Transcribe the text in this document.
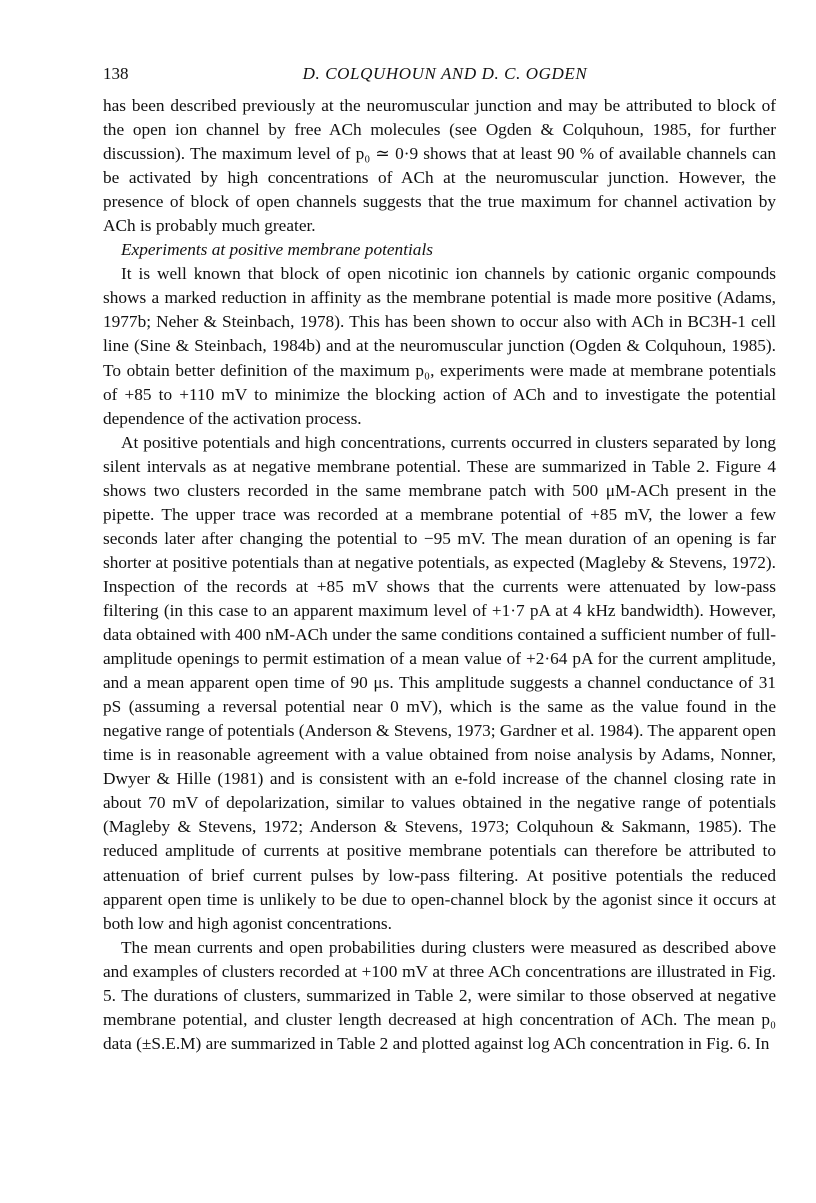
138	D. COLQUHOUN AND D. C. OGDEN

has been described previously at the neuromuscular junction and may be attributed to block of the open ion channel by free ACh molecules (see Ogden & Colquhoun, 1985, for further discussion). The maximum level of p₀ ≃ 0·9 shows that at least 90 % of available channels can be activated by high concentrations of ACh at the neuromuscular junction. However, the presence of block of open channels suggests that the true maximum for channel activation by ACh is probably much greater.

Experiments at positive membrane potentials

It is well known that block of open nicotinic ion channels by cationic organic compounds shows a marked reduction in affinity as the membrane potential is made more positive (Adams, 1977b; Neher & Steinbach, 1978). This has been shown to occur also with ACh in BC3H-1 cell line (Sine & Steinbach, 1984b) and at the neuromuscular junction (Ogden & Colquhoun, 1985). To obtain better definition of the maximum p₀, experiments were made at membrane potentials of +85 to +110 mV to minimize the blocking action of ACh and to investigate the potential dependence of the activation process.

At positive potentials and high concentrations, currents occurred in clusters separated by long silent intervals as at negative membrane potential. These are summarized in Table 2. Figure 4 shows two clusters recorded in the same membrane patch with 500 μM-ACh present in the pipette. The upper trace was recorded at a membrane potential of +85 mV, the lower a few seconds later after changing the potential to −95 mV. The mean duration of an opening is far shorter at positive potentials than at negative potentials, as expected (Magleby & Stevens, 1972). Inspection of the records at +85 mV shows that the currents were attenuated by low-pass filtering (in this case to an apparent maximum level of +1·7 pA at 4 kHz bandwidth). However, data obtained with 400 nM-ACh under the same conditions contained a sufficient number of full-amplitude openings to permit estimation of a mean value of +2·64 pA for the current amplitude, and a mean apparent open time of 90 μs. This amplitude suggests a channel conductance of 31 pS (assuming a reversal potential near 0 mV), which is the same as the value found in the negative range of potentials (Anderson & Stevens, 1973; Gardner et al. 1984). The apparent open time is in reasonable agreement with a value obtained from noise analysis by Adams, Nonner, Dwyer & Hille (1981) and is consistent with an e-fold increase of the channel closing rate in about 70 mV of depolarization, similar to values obtained in the negative range of potentials (Magleby & Stevens, 1972; Anderson & Stevens, 1973; Colquhoun & Sakmann, 1985). The reduced amplitude of currents at positive membrane potentials can therefore be attributed to attenuation of brief current pulses by low-pass filtering. At positive potentials the reduced apparent open time is unlikely to be due to open-channel block by the agonist since it occurs at both low and high agonist concentrations.

The mean currents and open probabilities during clusters were measured as described above and examples of clusters recorded at +100 mV at three ACh concentrations are illustrated in Fig. 5. The durations of clusters, summarized in Table 2, were similar to those observed at negative membrane potential, and cluster length decreased at high concentration of ACh. The mean p₀ data (±S.E.M) are summarized in Table 2 and plotted against log ACh concentration in Fig. 6. In
